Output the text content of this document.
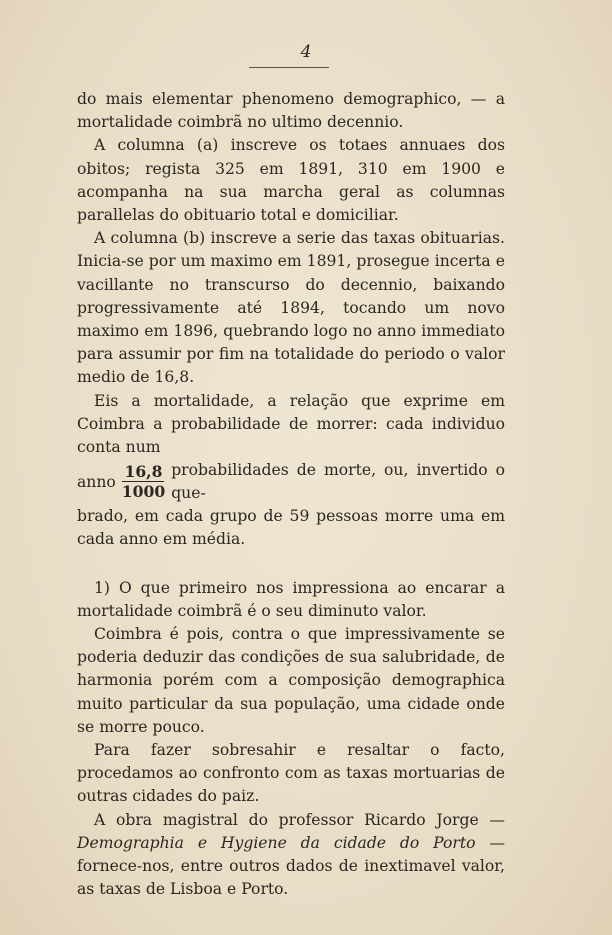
4

do mais elementar phenomeno demographico, — a mortalidade coimbrã no ultimo decennio.

A columna (a) inscreve os totaes annuaes dos obitos; regista 325 em 1891, 310 em 1900 e acompanha na sua marcha geral as columnas parallelas do obituario total e domiciliar.

A columna (b) inscreve a serie das taxas obituarias. Inicia-se por um maximo em 1891, prosegue incerta e vacillante no transcurso do decennio, baixando progressivamente até 1894, tocando um novo maximo em 1896, quebrando logo no anno immediato para assumir por fim na totalidade do periodo o valor medio de 16,8.

Eis a mortalidade, a relação que exprime em Coimbra a probabilidade de morrer: cada individuo conta num

anno $\frac{16,8}{1000}$ probabilidades de morte, ou, invertido o que-

brado, em cada grupo de 59 pessoas morre uma em cada anno em média.

1) O que primeiro nos impressiona ao encarar a mortalidade coimbrã é o seu diminuto valor.

Coimbra é pois, contra o que impressivamente se poderia deduzir das condições de sua salubridade, de harmonia porém com a composição demographica muito particular da sua população, uma cidade onde se morre pouco.

Para fazer sobresahir e resaltar o facto, procedamos ao confronto com as taxas mortuarias de outras cidades do paiz.

A obra magistral do professor Ricardo Jorge — Demographia e Hygiene da cidade do Porto — fornece-nos, entre outros dados de inextimavel valor, as taxas de Lisboa e Porto.
